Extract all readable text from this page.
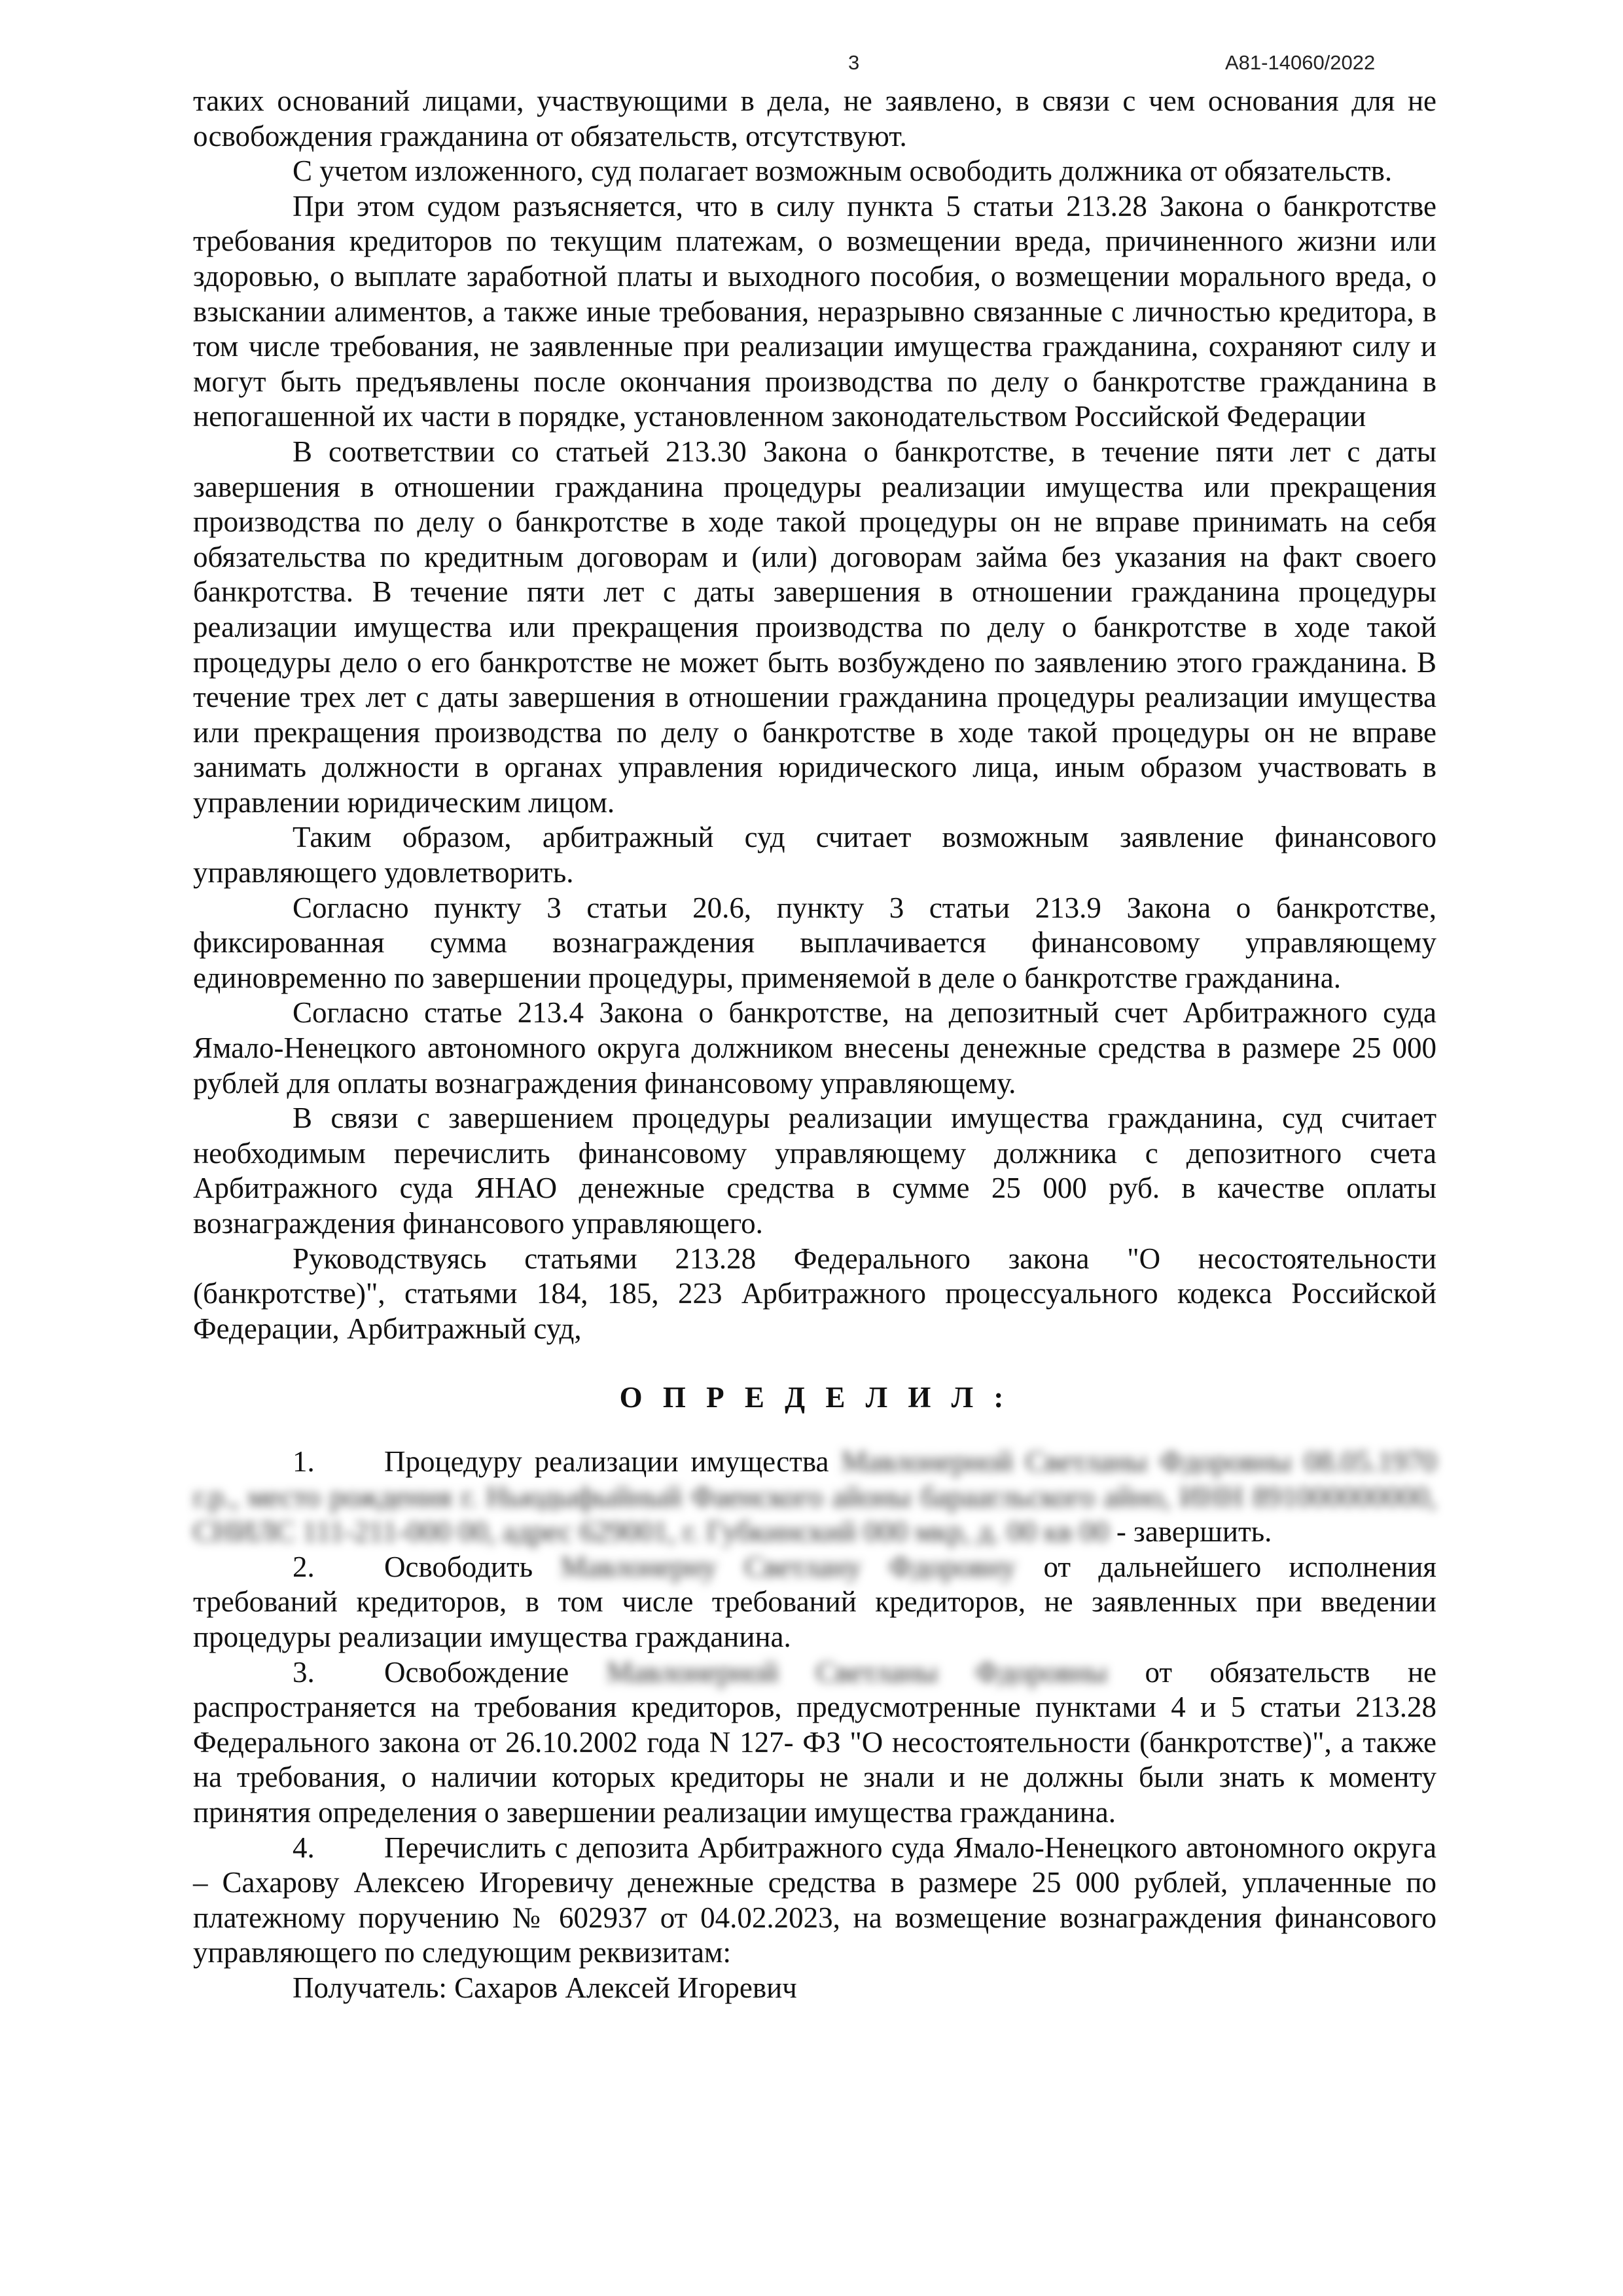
3	А81-14060/2022

таких оснований лицами, участвующими в дела, не заявлено, в связи с чем основания для не освобождения гражданина от обязательств, отсутствуют.

С учетом изложенного, суд полагает возможным освободить должника от обязательств.

При этом судом разъясняется, что в силу пункта 5 статьи 213.28 Закона о банкротстве требования кредиторов по текущим платежам, о возмещении вреда, причиненного жизни или здоровью, о выплате заработной платы и выходного пособия, о возмещении морального вреда, о взыскании алиментов, а также иные требования, неразрывно связанные с личностью кредитора, в том числе требования, не заявленные при реализации имущества гражданина, сохраняют силу и могут быть предъявлены после окончания производства по делу о банкротстве гражданина в непогашенной их части в порядке, установленном законодательством Российской Федерации

В соответствии со статьей 213.30 Закона о банкротстве, в течение пяти лет с даты завершения в отношении гражданина процедуры реализации имущества или прекращения производства по делу о банкротстве в ходе такой процедуры он не вправе принимать на себя обязательства по кредитным договорам и (или) договорам займа без указания на факт своего банкротства. В течение пяти лет с даты завершения в отношении гражданина процедуры реализации имущества или прекращения производства по делу о банкротстве в ходе такой процедуры дело о его банкротстве не может быть возбуждено по заявлению этого гражданина. В течение трех лет с даты завершения в отношении гражданина процедуры реализации имущества или прекращения производства по делу о банкротстве в ходе такой процедуры он не вправе занимать должности в органах управления юридического лица, иным образом участвовать в управлении юридическим лицом.

Таким образом, арбитражный суд считает возможным заявление финансового управляющего удовлетворить.

Согласно пункту 3 статьи 20.6, пункту 3 статьи 213.9 Закона о банкротстве, фиксированная сумма вознаграждения выплачивается финансовому управляющему единовременно по завершении процедуры, применяемой в деле о банкротстве гражданина.

Согласно статье 213.4 Закона о банкротстве, на депозитный счет Арбитражного суда Ямало-Ненецкого автономного округа должником внесены денежные средства в размере 25 000 рублей для оплаты вознаграждения финансовому управляющему.

В связи с завершением процедуры реализации имущества гражданина, суд считает необходимым перечислить финансовому управляющему должника с депозитного счета Арбитражного суда ЯНАО денежные средства в сумме 25 000 руб. в качестве оплаты вознаграждения финансового управляющего.

Руководствуясь статьями 213.28 Федерального закона "О несостоятельности (банкротстве)", статьями 184, 185, 223 Арбитражного процессуального кодекса Российской Федерации, Арбитражный суд,

О П Р Е Д Е Л И Л :

1. Процедуру реализации имущества Мавлонерной Светланы Фдоровны 08.05.1970 г.р., место рождения г. Ньюдыфыйный Фаенского айоны бараагльского айно, ИНН 891000000000, СНИЛС 111-211-000 00, адрес 629001, г. Губкинский 000 мкр, д. 00 кв 00 - завершить.

2. Освободить Мавлонерну Светлану Фдоровну от дальнейшего исполнения требований кредиторов, в том числе требований кредиторов, не заявленных при введении процедуры реализации имущества гражданина.

3. Освобождение Мавлонерной Светланы Фдоровны от обязательств не распространяется на требования кредиторов, предусмотренные пунктами 4 и 5 статьи 213.28 Федерального закона от 26.10.2002 года N 127- ФЗ "О несостоятельности (банкротстве)", а также на требования, о наличии которых кредиторы не знали и не должны были знать к моменту принятия определения о завершении реализации имущества гражданина.

4. Перечислить с депозита Арбитражного суда Ямало-Ненецкого автономного округа – Сахарову Алексею Игоревичу денежные средства в размере 25 000 рублей, уплаченные по платежному поручению № 602937 от 04.02.2023, на возмещение вознаграждения финансового управляющего по следующим реквизитам:

Получатель: Сахаров Алексей Игоревич
